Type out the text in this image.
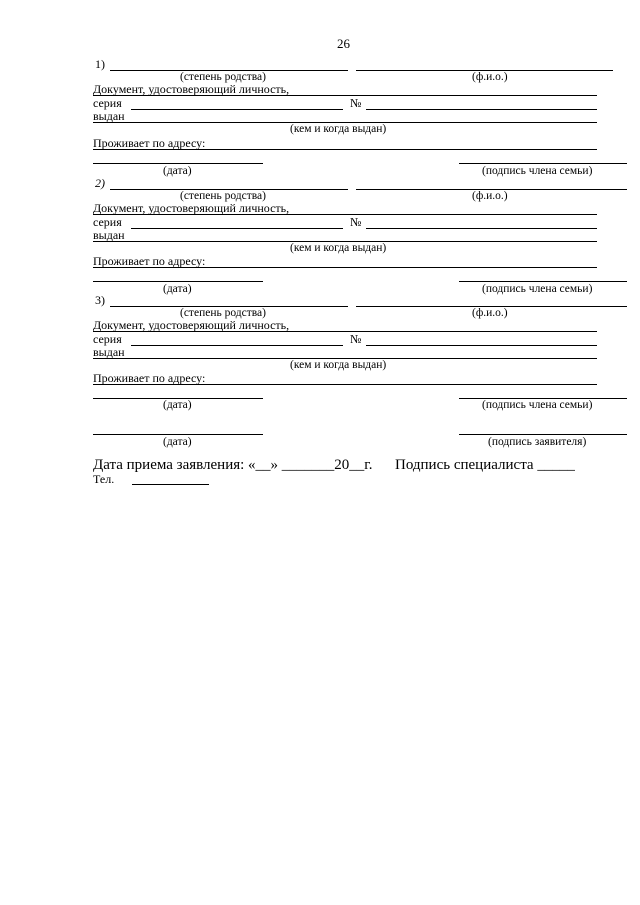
26
1)
(степень родства)	(ф.и.о.)
Документ, удостоверяющий личность,
серия	№
выдан
(кем и когда выдан)
Проживает по адресу:
(дата)	(подпись члена семьи)
2)
(степень родства)	(ф.и.о.)
Документ, удостоверяющий личность,
серия	№
выдан
(кем и когда выдан)
Проживает по адресу:
(дата)	(подпись члена семьи)
3)
(степень родства)	(ф.и.о.)
Документ, удостоверяющий личность,
серия	№
выдан
(кем и когда выдан)
Проживает по адресу:
(дата)	(подпись члена семьи)
(дата)	(подпись заявителя)
Дата приема заявления: «__» _______20__г. Подпись специалиста _____
Тел.
